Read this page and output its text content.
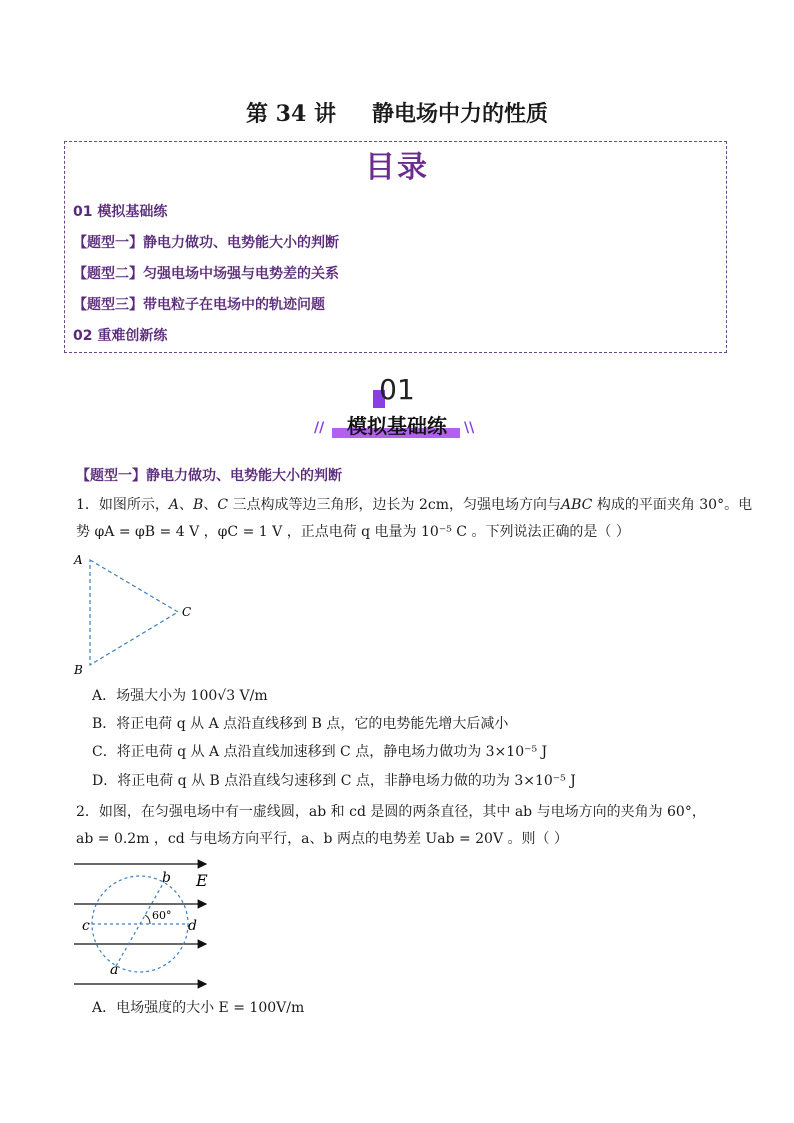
第 34 讲 静电场中力的性质
目录
01 模拟基础练
【题型一】静电力做功、电势能大小的判断
【题型二】匀强电场中场强与电势差的关系
【题型三】带电粒子在电场中的轨迹问题
02 重难创新练
01
模拟基础练
//	\\
【题型一】静电力做功、电势能大小的判断
1．如图所示，A、B、C 三点构成等边三角形，边长为 2cm，匀强电场方向与ABC 构成的平面夹角 30°。电
势 φA = φB = 4 V ，φC = 1 V ，正点电荷 q 电量为 10⁻⁵ C 。下列说法正确的是（ ）
A
C
B
A．场强大小为 100√3 V/m
B．将正电荷 q 从 A 点沿直线移到 B 点，它的电势能先增大后减小
C．将正电荷 q 从 A 点沿直线加速移到 C 点，静电场力做功为 3×10⁻⁵ J
D．将正电荷 q 从 B 点沿直线匀速移到 C 点，非静电场力做的功为 3×10⁻⁵ J
2．如图，在匀强电场中有一虚线圆，ab 和 cd 是圆的两条直径，其中 ab 与电场方向的夹角为 60°，
ab = 0.2m ，cd 与电场方向平行，a、b 两点的电势差 Uab = 20V 。则（ ）
60°
b E
c	d
a
A．电场强度的大小 E = 100V/m
